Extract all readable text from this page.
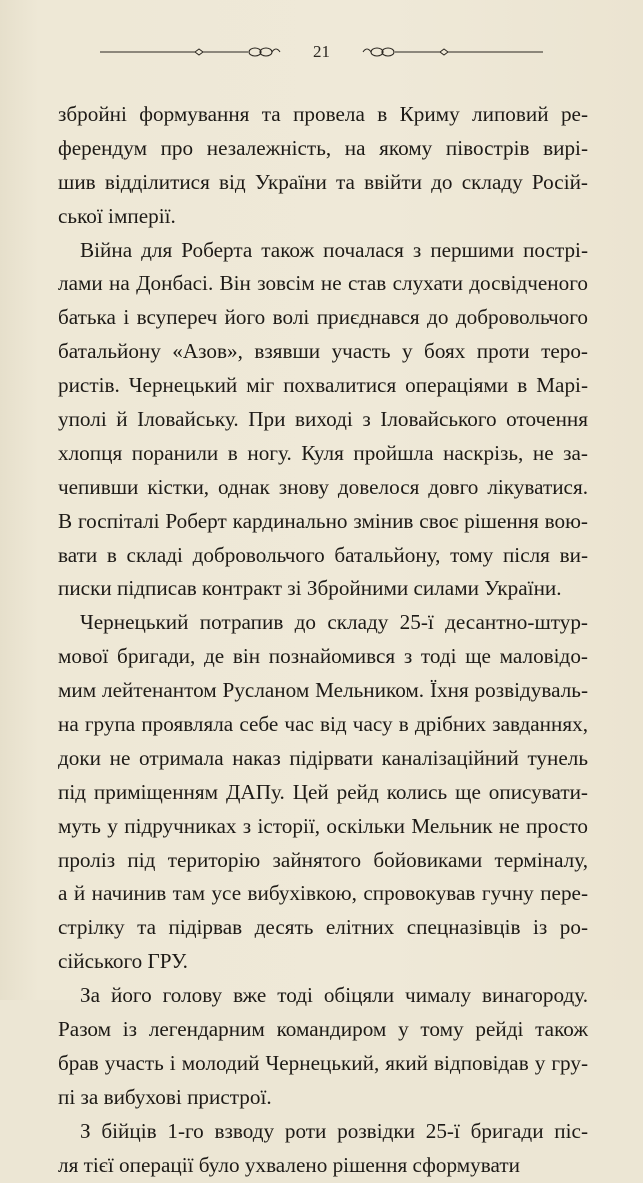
21
збройні формування та провела в Криму липовий ре-
ферендум про незалежність, на якому півострів вирі-
шив відділитися від України та ввійти до складу Росій-
ської імперії.
Війна для Роберта також почалася з першими пострі-
лами на Донбасі. Він зовсім не став слухати досвідченого
батька і всупереч його волі приєднався до добровольчого
батальйону «Азов», взявши участь у боях проти теро-
ристів. Чернецький міг похвалитися операціями в Марі-
уполі й Іловайську. При виході з Іловайського оточення
хлопця поранили в ногу. Куля пройшла наскрізь, не за-
чепивши кістки, однак знову довелося довго лікуватися.
В госпіталі Роберт кардинально змінив своє рішення вою-
вати в складі добровольчого батальйону, тому після ви-
писки підписав контракт зі Збройними силами України.
Чернецький потрапив до складу 25-ї десантно-штур-
мової бригади, де він познайомився з тоді ще маловідо-
мим лейтенантом Русланом Мельником. Їхня розвідуваль-
на група проявляла себе час від часу в дрібних завданнях,
доки не отримала наказ підірвати каналізаційний тунель
під приміщенням ДАПу. Цей рейд колись ще описувати-
муть у підручниках з історії, оскільки Мельник не просто
проліз під територію зайнятого бойовиками терміналу,
а й начинив там усе вибухівкою, спровокував гучну пере-
стрілку та підірвав десять елітних спецназівців із ро-
сійського ГРУ.
За його голову вже тоді обіцяли чималу винагороду.
Разом із легендарним командиром у тому рейді також
брав участь і молодий Чернецький, який відповідав у гру-
пі за вибухові пристрої.
З бійців 1-го взводу роти розвідки 25-ї бригади піс-
ля тієї операції було ухвалено рішення сформувати
